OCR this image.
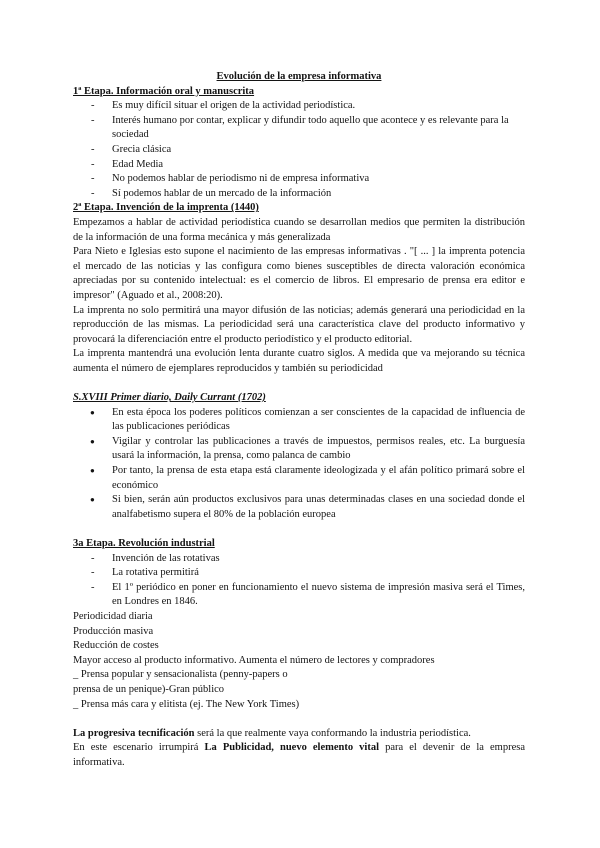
Evolución de la empresa informativa
1ª Etapa. Información oral y manuscrita
- Es muy difícil situar el origen de la actividad periodística.
- Interés humano por contar, explicar y difundir todo aquello que acontece y es relevante para la sociedad
- Grecia clásica
- Edad Media
- No podemos hablar de periodismo ni de empresa informativa
- Sí podemos hablar de un mercado de la información
2ª Etapa. Invención de la imprenta (1440)

Empezamos a hablar de actividad periodística cuando se desarrollan medios que permiten la distribución de la información de una forma mecánica y más generalizada

Para Nieto e Iglesias esto supone el nacimiento de las empresas informativas . "[ ... ] la imprenta potencia el mercado de las noticias y las configura como bienes susceptibles de directa valoración económica apreciadas por su contenido intelectual: es el comercio de libros. El empresario de prensa era editor e impresor" (Aguado et al., 2008:20).

La imprenta no solo permitirá una mayor difusión de las noticias; además generará una periodicidad en la reproducción de las mismas. La periodicidad será una característica clave del producto informativo y provocará la diferenciación entre el producto periodístico y el producto editorial.

La imprenta mantendrá una evolución lenta durante cuatro siglos. A medida que va mejorando su técnica aumenta el número de ejemplares reproducidos y también su periodicidad

S.XVIII Primer diario, Daily Currant (1702)
● En esta época los poderes políticos comienzan a ser conscientes de la capacidad de influencia de las publicaciones periódicas
● Vigilar y controlar las publicaciones a través de impuestos, permisos reales, etc. La burguesía usará la información, la prensa, como palanca de cambio
● Por tanto, la prensa de esta etapa está claramente ideologizada y el afán político primará sobre el económico
● Si bien, serán aún productos exclusivos para unas determinadas clases en una sociedad donde el analfabetismo supera el 80% de la población europea
3a Etapa. Revolución industrial
- Invención de las rotativas
- La rotativa permitirá
- El 1º periódico en poner en funcionamiento el nuevo sistema de impresión masiva será el Times, en Londres en 1846.

Periodicidad diaria

Producción masiva

Reducción de costes

Mayor acceso al producto informativo. Aumenta el número de lectores y compradores

_ Prensa popular y sensacionalista (penny-papers o

prensa de un penique)-Gran público

_ Prensa más cara y elitista (ej. The New York Times)

La progresiva tecnificación será la que realmente vaya conformando la industria periodística.

En este escenario irrumpirá La Publicidad, nuevo elemento vital para el devenir de la empresa informativa.
